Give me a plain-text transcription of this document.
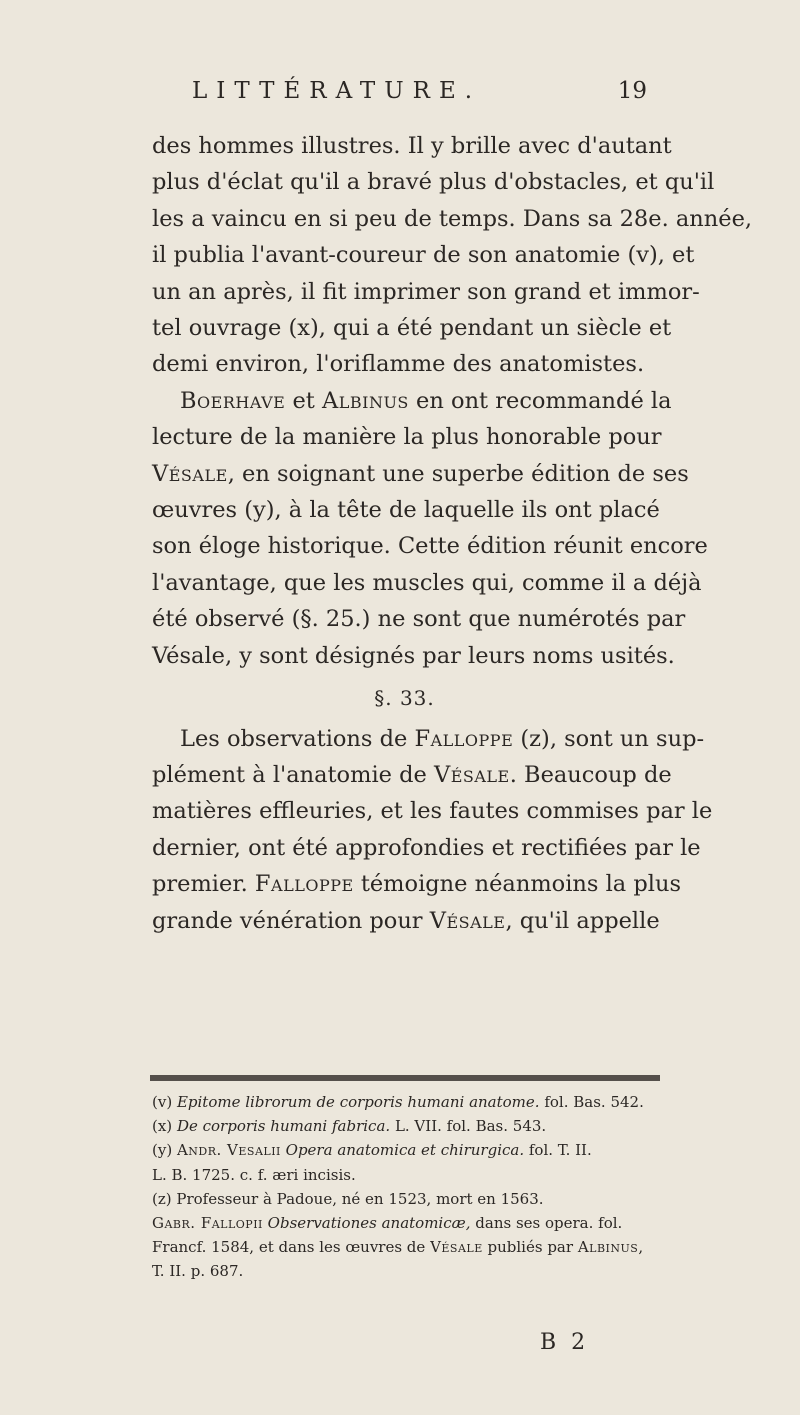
LITTÉRATURE.	19
des hommes illustres. Il y brille avec d'autant
plus d'éclat qu'il a bravé plus d'obstacles, et qu'il
les a vaincu en si peu de temps. Dans sa 28e. année,
il publia l'avant-coureur de son anatomie (v), et
un an après, il fit imprimer son grand et immor-
tel ouvrage (x), qui a été pendant un siècle et
demi environ, l'oriflamme des anatomistes.
Boerhave et Albinus en ont recommandé la
lecture de la manière la plus honorable pour
Vésale, en soignant une superbe édition de ses
œuvres (y), à la tête de laquelle ils ont placé
son éloge historique. Cette édition réunit encore
l'avantage, que les muscles qui, comme il a déjà
été observé (§. 25.) ne sont que numérotés par
Vésale, y sont désignés par leurs noms usités.
§. 33.
Les observations de Falloppe (z), sont un sup-
plément à l'anatomie de Vésale. Beaucoup de
matières effleuries, et les fautes commises par le
dernier, ont été approfondies et rectifiées par le
premier. Falloppe témoigne néanmoins la plus
grande vénération pour Vésale, qu'il appelle
(v) Epitome librorum de corporis humani anatome. fol. Bas. 542.
(x) De corporis humani fabrica. L. VII. fol. Bas. 543.
(y) Andr. Vesalii Opera anatomica et chirurgica. fol. T. II.
L. B. 1725. c. f. æri incisis.
(z) Professeur à Padoue, né en 1523, mort en 1563.
Gabr. Fallopii Observationes anatomicæ, dans ses opera. fol.
Francf. 1584, et dans les œuvres de Vésale publiés par Albinus,
T. II. p. 687.
B 2
